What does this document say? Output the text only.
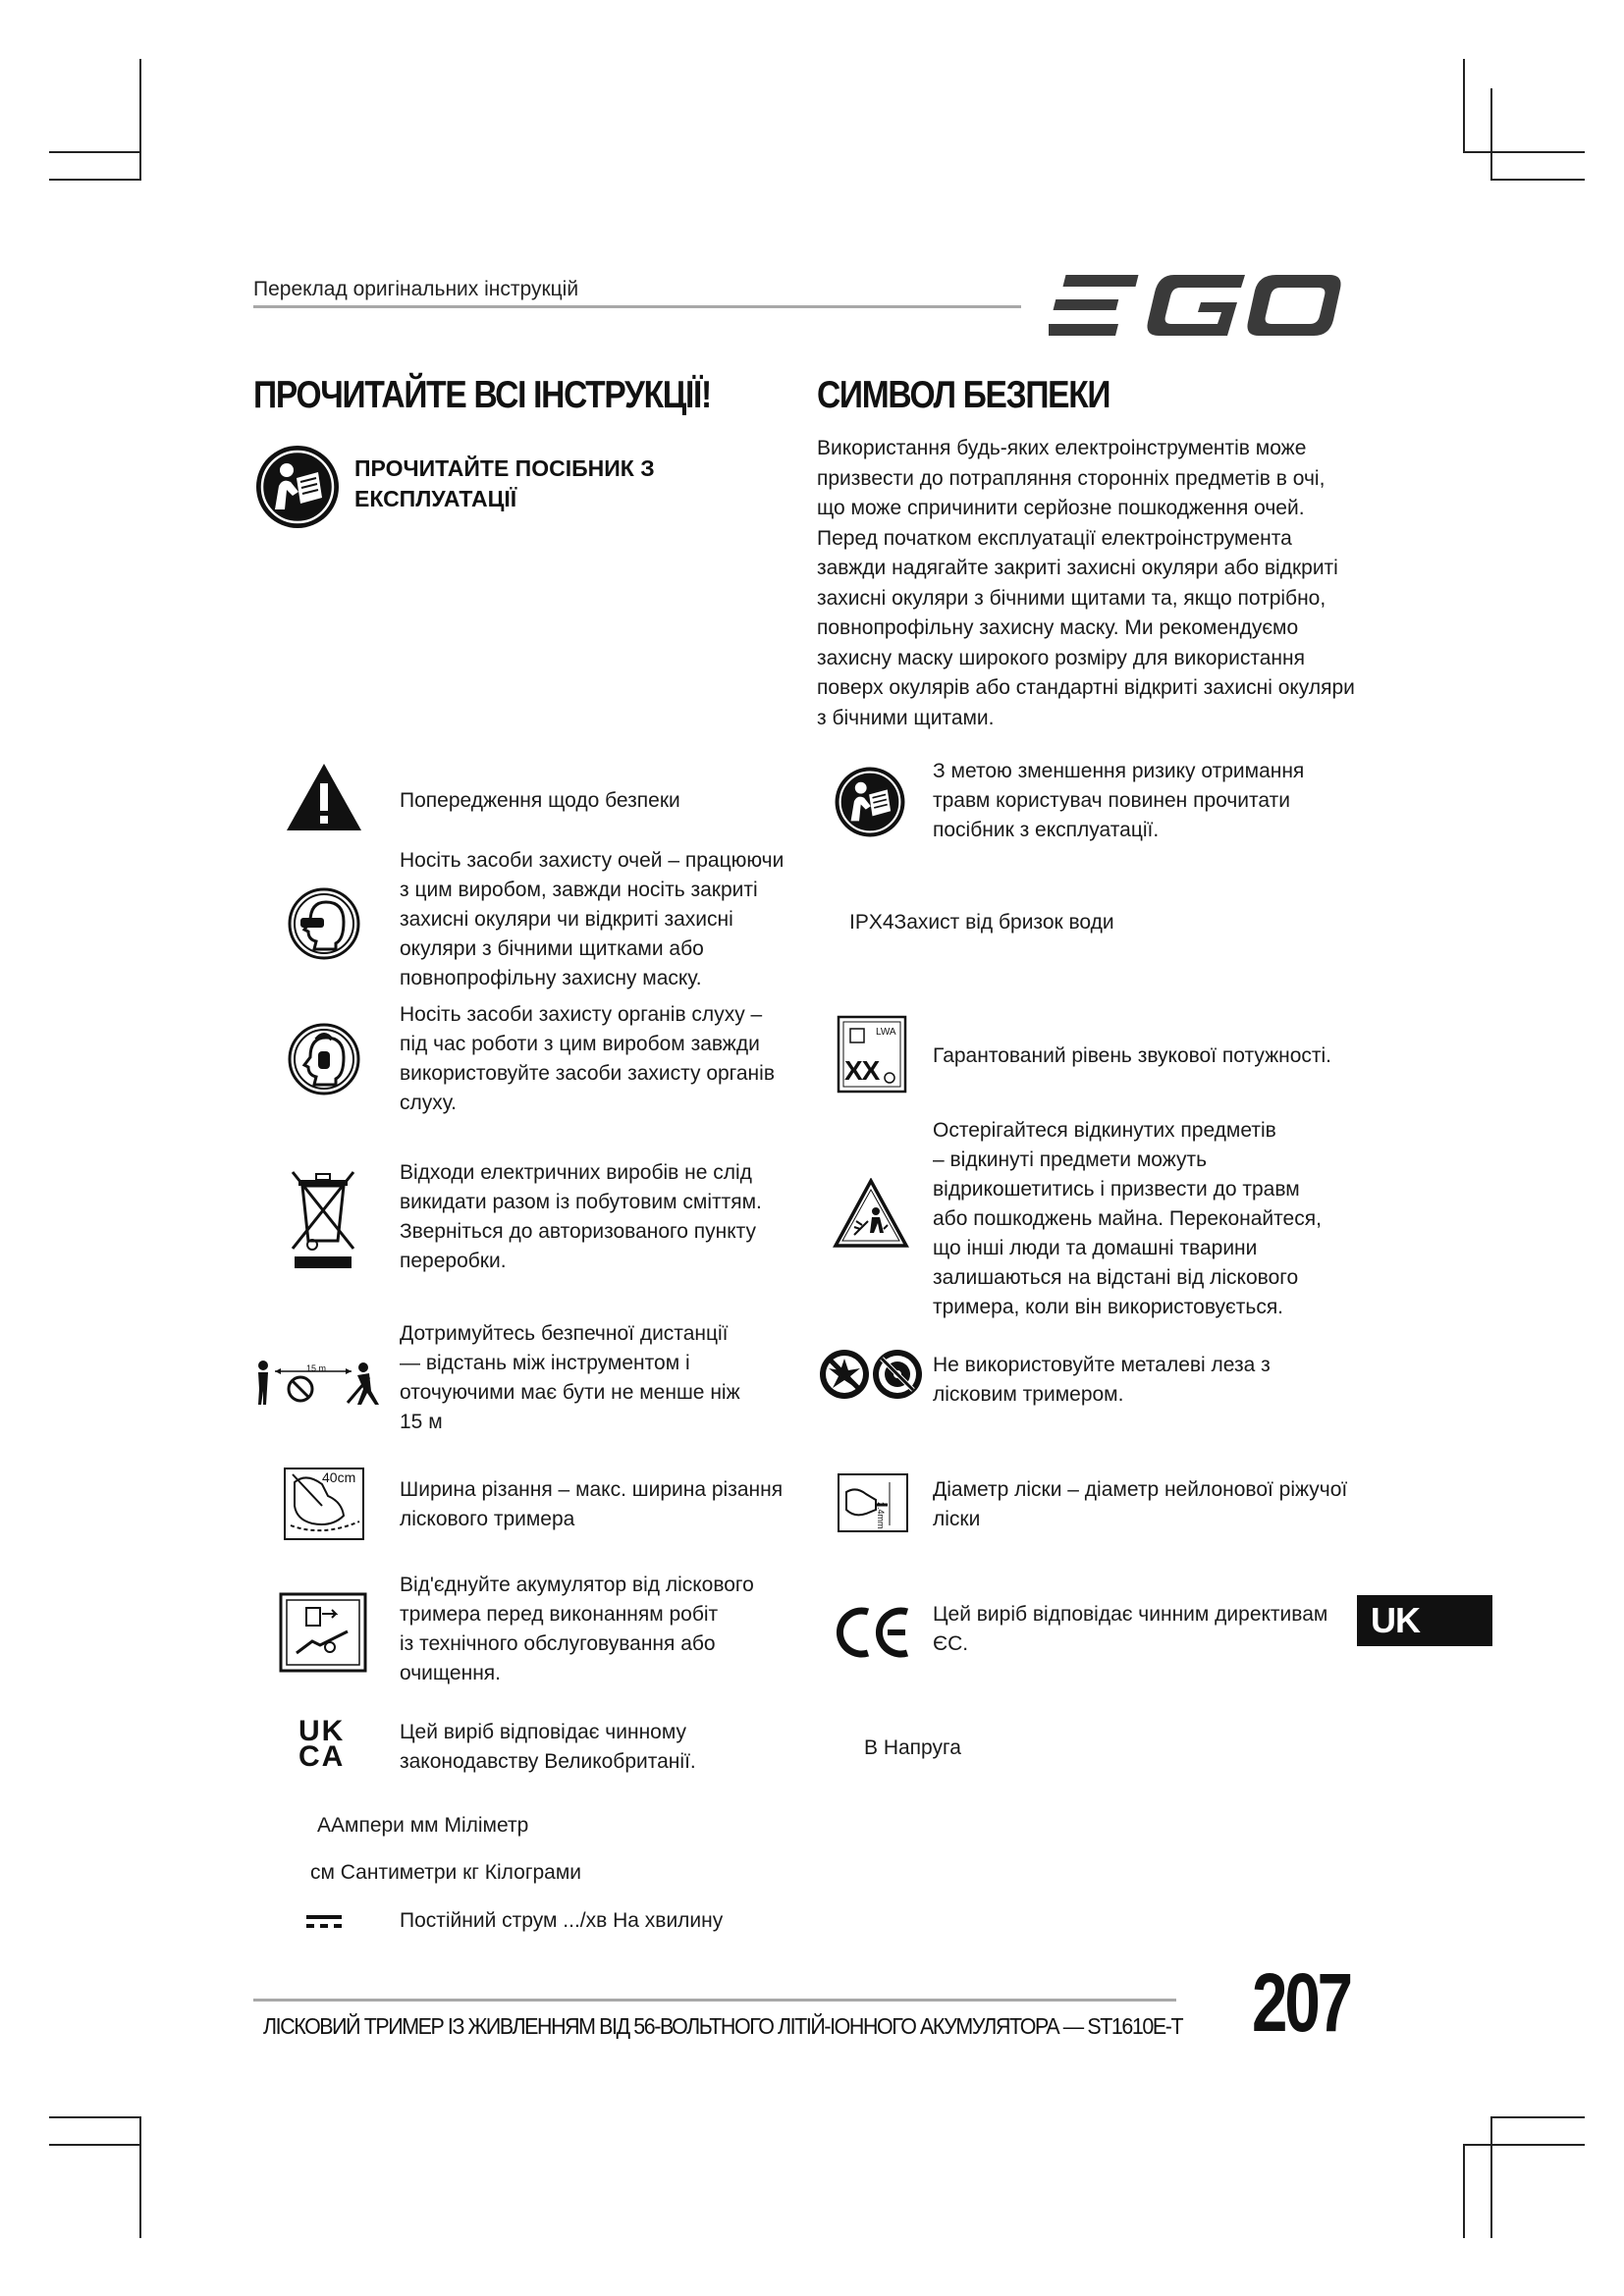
Переклад оригінальних інструкцій
ПРОЧИТАЙТЕ ВСІ ІНСТРУКЦІЇ!
ПРОЧИТАЙТЕ ПОСІБНИК З
ЕКСПЛУАТАЦІЇ
СИМВОЛ БЕЗПЕКИ
Використання будь-яких електроінструментів може
призвести до потрапляння сторонніх предметів в очі,
що може спричинити серйозне пошкодження очей.
Перед початком експлуатації електроінструмента
завжди надягайте закриті захисні окуляри або відкриті
захисні окуляри з бічними щитами та, якщо потрібно,
повнопрофільну захисну маску. Ми рекомендуємо
захисну маску широкого розміру для використання
поверх окулярів або стандартні відкриті захисні окуляри
з бічними щитами.
Попередження щодо безпеки
Носіть засоби захисту очей – працюючи
з цим виробом, завжди носіть закриті
захисні окуляри чи відкриті захисні
окуляри з бічними щитками або
повнопрофільну захисну маску.
Носіть засоби захисту органів слуху –
під час роботи з цим виробом завжди
використовуйте засоби захисту органів
слуху.
Відходи електричних виробів не слід
викидати разом із побутовим сміттям.
Зверніться до авторизованого пункту
переробки.
15 m
Дотримуйтесь безпечної дистанції
— відстань між інструментом і
оточуючими має бути не менше ніж
15 м
40cm
Ширина різання – макс. ширина різання
лiскового тримера
Від'єднуйте акумулятор від ліскового
тримера перед виконанням робіт
із технічного обслуговування або
очищення.
UK
CA
Цей виріб відповідає чинному
законодавству Великобританії.
З метою зменшення ризику отримання
травм користувач повинен прочитати
посібник з експлуатації.
IPX4Захист від бризок води
XX
LWA
Гарантований рівень звукової потужності.
Остерігайтеся відкинутих предметів
– відкинуті предмети можуть
відрикошетитись і призвести до травм
або пошкоджень майна. Переконайтеся,
що інші люди та домашні тварини
залишаються на відстані від ліскового
тримера, коли він використовується.
Не використовуйте металеві леза з
лісковим тримером.
2.4mm
Діаметр ліски – діаметр нейлонової ріжучої
ліски
Цей виріб відповідає чинним директивам
ЄС.
В Напруга
ААмпери мм Міліметр
см Сантиметри кг Кілограми
Постійний струм .../хв На хвилину
UK
ЛІСКОВИЙ ТРИМЕР ІЗ ЖИВЛЕННЯМ ВІД 56-ВОЛЬТНОГО ЛІТІЙ-ІОННОГО АКУМУЛЯТОРА — ST1610E-T 207
